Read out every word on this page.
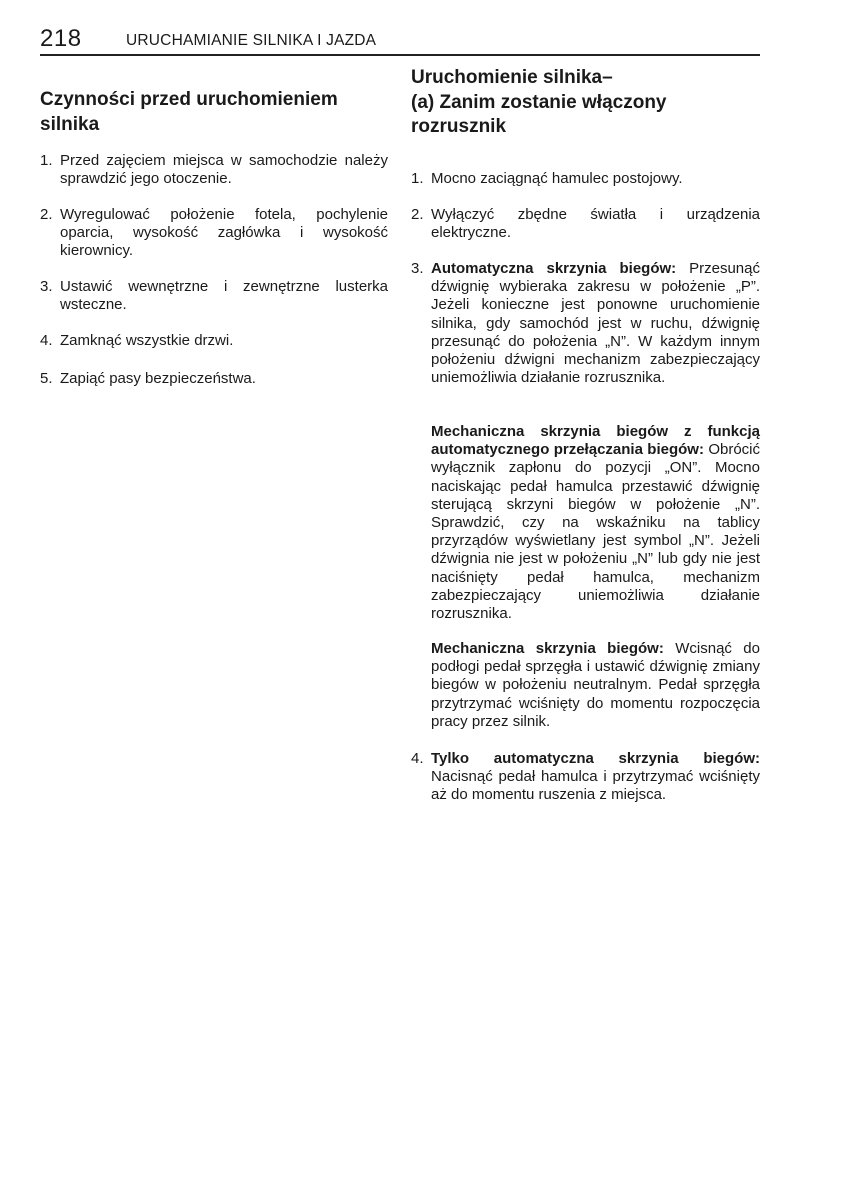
218	URUCHAMIANIE SILNIKA I JAZDA
Czynności przed uruchomieniem silnika
1. Przed zajęciem miejsca w samochodzie należy sprawdzić jego otoczenie.
2. Wyregulować położenie fotela, pochylenie oparcia, wysokość zagłówka i wysokość kierownicy.
3. Ustawić wewnętrzne i zewnętrzne lusterka wsteczne.
4. Zamknąć wszystkie drzwi.
5. Zapiąć pasy bezpieczeństwa.
Uruchomienie silnika–
(a) Zanim zostanie włączony
rozrusznik
1. Mocno zaciągnąć hamulec postojowy.
2. Wyłączyć zbędne światła i urządzenia elektryczne.
3. Automatyczna skrzynia biegów: Przesunąć dźwignię wybieraka zakresu w położenie „P”. Jeżeli konieczne jest ponowne uruchomienie silnika, gdy samochód jest w ruchu, dźwignię przesunąć do położenia „N”. W każdym innym położeniu dźwigni mechanizm zabezpieczający uniemożliwia działanie rozrusznika.

Mechaniczna skrzynia biegów z funkcją automatycznego przełączania biegów: Obrócić wyłącznik zapłonu do pozycji „ON”. Mocno naciskając pedał hamulca przestawić dźwignię sterującą skrzyni biegów w położenie „N”. Sprawdzić, czy na wskaźniku na tablicy przyrządów wyświetlany jest symbol „N”. Jeżeli dźwignia nie jest w położeniu „N” lub gdy nie jest naciśnięty pedał hamulca, mechanizm zabezpieczający uniemożliwia działanie rozrusznika.

Mechaniczna skrzynia biegów: Wcisnąć do podłogi pedał sprzęgła i ustawić dźwignię zmiany biegów w położeniu neutralnym. Pedał sprzęgła przytrzymać wciśnięty do momentu rozpoczęcia pracy przez silnik.

4. Tylko automatyczna skrzynia biegów: Nacisnąć pedał hamulca i przytrzymać wciśnięty aż do momentu ruszenia z miejsca.
